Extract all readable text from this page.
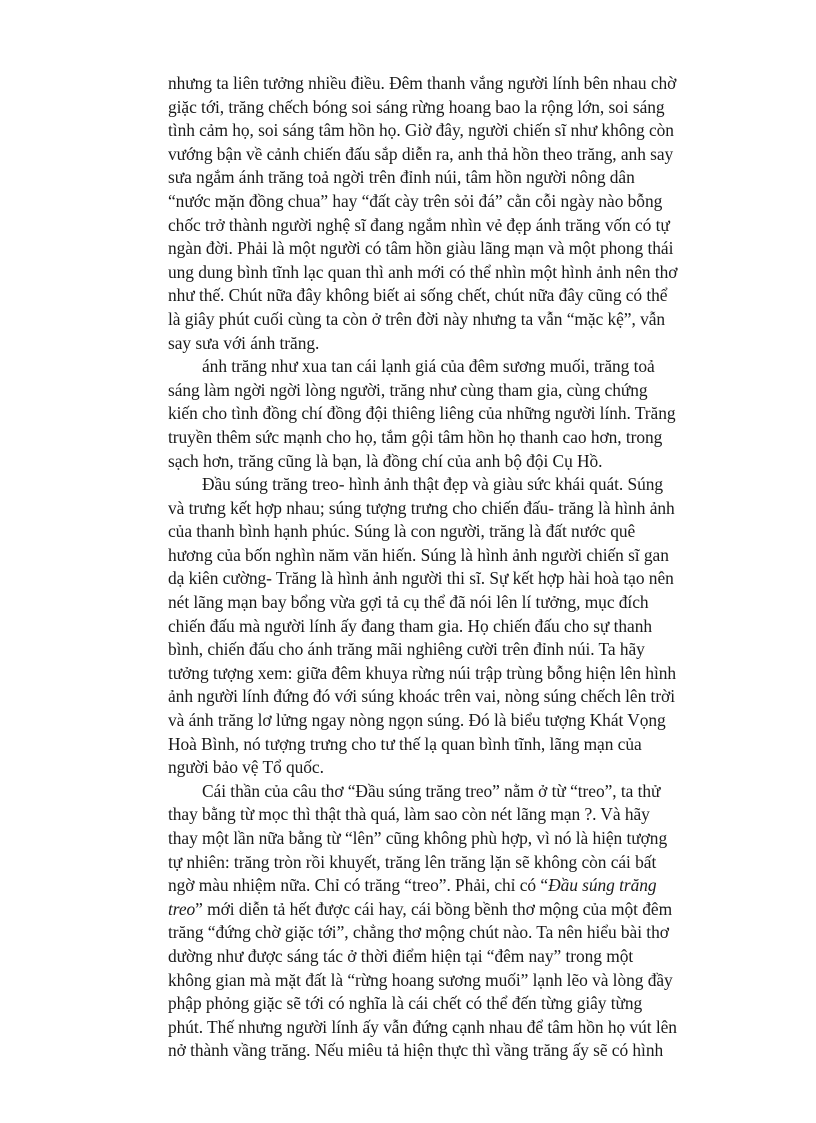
nhưng ta liên tưởng nhiều điều. Đêm thanh vắng người lính bên nhau chờ
giặc tới, trăng chếch bóng soi sáng rừng hoang bao la rộng lớn, soi sáng
tình cảm họ, soi sáng tâm hồn họ. Giờ đây, người chiến sĩ như không còn
vướng bận về cảnh chiến đấu sắp diễn ra, anh thả hồn theo trăng, anh say
sưa ngắm ánh trăng toả ngời trên đỉnh núi, tâm hồn người nông dân
“nước mặn đồng chua” hay “đất cày trên sỏi đá” cằn cỗi ngày nào bỗng
chốc trở thành người nghệ sĩ đang ngắm nhìn vẻ đẹp ánh trăng vốn có tự
ngàn đời. Phải là một người có tâm hồn giàu lãng mạn và một phong thái
ung dung bình tĩnh lạc quan thì anh mới có thể nhìn một hình ảnh nên thơ
như thế. Chút nữa đây không biết ai sống chết, chút nữa đây cũng có thể
là giây phút cuối cùng ta còn ở trên đời này nhưng ta vẫn “mặc kệ”, vẫn
say sưa với ánh trăng.
ánh trăng như xua tan cái lạnh giá của đêm sương muối, trăng toả
sáng làm ngời ngời lòng người, trăng như cùng tham gia, cùng chứng
kiến cho tình đồng chí đồng đội thiêng liêng của những người lính. Trăng
truyền thêm sức mạnh cho họ, tắm gội tâm hồn họ thanh cao hơn, trong
sạch hơn, trăng cũng là bạn, là đồng chí của anh bộ đội Cụ Hồ.
Đầu súng trăng treo- hình ảnh thật đẹp và giàu sức khái quát. Súng
và trưng kết hợp nhau; súng tượng trưng cho chiến đấu- trăng là hình ảnh
của thanh bình hạnh phúc. Súng là con người, trăng là đất nước quê
hương của bốn nghìn năm văn hiến. Súng là hình ảnh người chiến sĩ gan
dạ kiên cường- Trăng là hình ảnh người thi sĩ. Sự kết hợp hài hoà tạo nên
nét lãng mạn bay bổng vừa gợi tả cụ thể đã nói lên lí tưởng, mục đích
chiến đấu mà người lính ấy đang tham gia. Họ chiến đấu cho sự thanh
bình, chiến đấu cho ánh trăng mãi nghiêng cười trên đỉnh núi. Ta hãy
tưởng tượng xem: giữa đêm khuya rừng núi trập trùng bỗng hiện lên hình
ảnh người lính đứng đó với súng khoác trên vai, nòng súng chếch lên trời
và ánh trăng lơ lửng ngay nòng ngọn súng. Đó là biểu tượng Khát Vọng
Hoà Bình, nó tượng trưng cho tư thế lạ quan bình tĩnh, lãng mạn của
người bảo vệ Tổ quốc.
Cái thần của câu thơ “Đầu súng trăng treo” nằm ở từ “treo”, ta thử
thay bằng từ mọc thì thật thà quá, làm sao còn nét lãng mạn ?. Và hãy
thay một lần nữa bằng từ “lên” cũng không phù hợp, vì nó là hiện tượng
tự nhiên: trăng tròn rồi khuyết, trăng lên trăng lặn sẽ không còn cái bất
ngờ màu nhiệm nữa. Chỉ có trăng “treo”. Phải, chỉ có “Đầu súng trăng
treo” mới diễn tả hết được cái hay, cái bồng bềnh thơ mộng của một đêm
trăng “đứng chờ giặc tới”, chẳng thơ mộng chút nào. Ta nên hiểu bài thơ
dường như được sáng tác ở thời điểm hiện tại “đêm nay” trong một
không gian mà mặt đất là “rừng hoang sương muối” lạnh lẽo và lòng đầy
phập phỏng giặc sẽ tới có nghĩa là cái chết có thể đến từng giây từng
phút. Thế nhưng người lính ấy vẫn đứng cạnh nhau để tâm hồn họ vút lên
nở thành vầng trăng. Nếu miêu tả hiện thực thì vầng trăng ấy sẽ có hình
